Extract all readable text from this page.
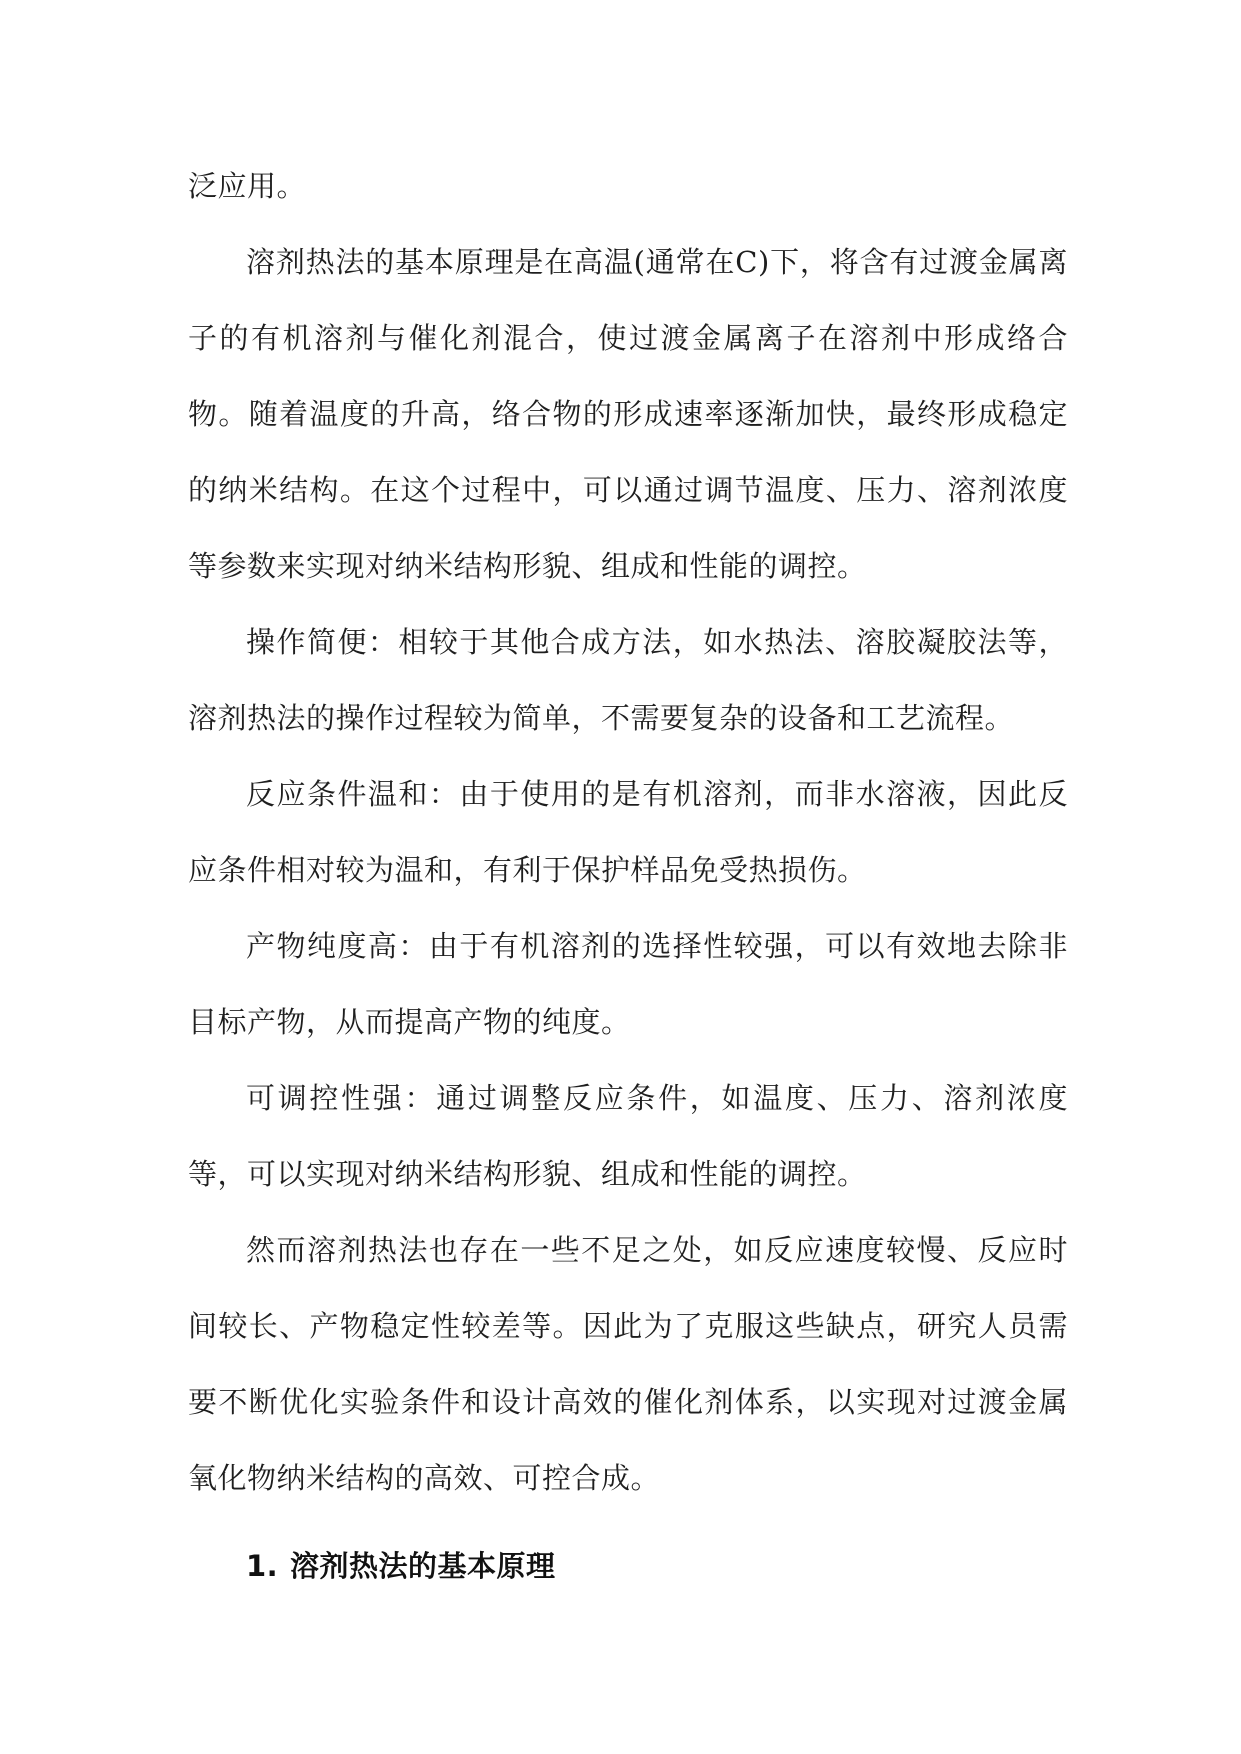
泛应用。

溶剂热法的基本原理是在高温(通常在C)下，将含有过渡金属离子的有机溶剂与催化剂混合，使过渡金属离子在溶剂中形成络合物。随着温度的升高，络合物的形成速率逐渐加快，最终形成稳定的纳米结构。在这个过程中，可以通过调节温度、压力、溶剂浓度等参数来实现对纳米结构形貌、组成和性能的调控。

操作简便：相较于其他合成方法，如水热法、溶胶凝胶法等，溶剂热法的操作过程较为简单，不需要复杂的设备和工艺流程。

反应条件温和：由于使用的是有机溶剂，而非水溶液，因此反应条件相对较为温和，有利于保护样品免受热损伤。

产物纯度高：由于有机溶剂的选择性较强，可以有效地去除非目标产物，从而提高产物的纯度。

可调控性强：通过调整反应条件，如温度、压力、溶剂浓度等，可以实现对纳米结构形貌、组成和性能的调控。

然而溶剂热法也存在一些不足之处，如反应速度较慢、反应时间较长、产物稳定性较差等。因此为了克服这些缺点，研究人员需要不断优化实验条件和设计高效的催化剂体系，以实现对过渡金属氧化物纳米结构的高效、可控合成。

1. 溶剂热法的基本原理
